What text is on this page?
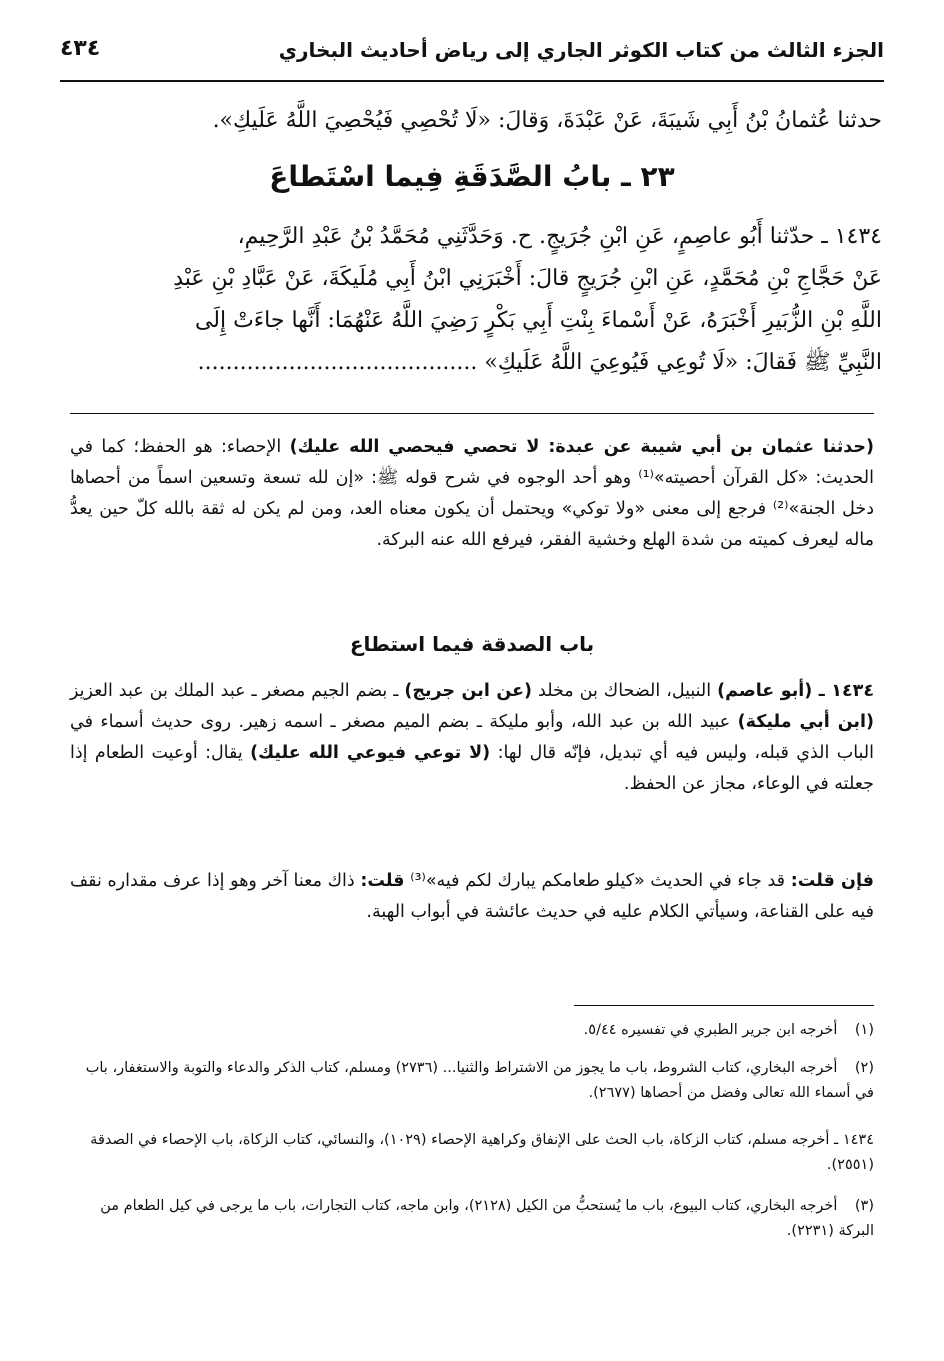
الجزء الثالث من كتاب الكوثر الجاري إلى رياض أحاديث البخاري
٤٣٤
حدثنا عُثمانُ بْنُ أَبِي شَيبَةَ، عَنْ عَبْدَةَ، وَقالَ: «لَا تُحْصِي فَيُحْصِيَ اللَّهُ عَلَيكِ».
٢٣ ـ بابُ الصَّدَقَةِ فِيما اسْتَطاعَ
١٤٣٤ ـ حدّثنا أَبُو عاصِمٍ، عَنِ ابْنِ جُرَيجٍ. ح. وَحَدَّثَنِي مُحَمَّدُ بْنُ عَبْدِ الرَّحِيمِ،
عَنْ حَجَّاجِ بْنِ مُحَمَّدٍ، عَنِ ابْنِ جُرَيجٍ قالَ: أَخْبَرَنِي ابْنُ أَبِي مُلَيكَةَ، عَنْ عَبَّادِ بْنِ عَبْدِ
اللَّهِ بْنِ الزُّبَيرِ أَخْبَرَهُ، عَنْ أَسْماءَ بِنْتِ أَبِي بَكْرٍ رَضِيَ اللَّهُ عَنْهُمَا: أَنَّها جاءَتْ إِلَى
النَّبِيِّ ﷺ فَقالَ: «لَا تُوعِي فَيُوعِيَ اللَّهُ عَلَيكِ» ........................................
(حدثنا عثمان بن أبي شيبة عن عبدة: لا تحصي فيحصي الله عليك) الإحصاء: هو الحفظ؛ كما في الحديث: «كل القرآن أحصيته»⁽¹⁾ وهو أحد الوجوه في شرح قوله ﷺ: «إن لله تسعة وتسعين اسماً من أحصاها دخل الجنة»⁽²⁾ فرجع إلى معنى «ولا توكي» ويحتمل أن يكون معناه العد، ومن لم يكن له ثقة بالله كلّ حين يعدُّ ماله ليعرف كميته من شدة الهلع وخشية الفقر، فيرفع الله عنه البركة.
باب الصدقة فيما استطاع
١٤٣٤ ـ (أبو عاصم) النبيل، الضحاك بن مخلد (عن ابن جريج) ـ بضم الجيم مصغر ـ عبد الملك بن عبد العزيز (ابن أبي مليكة) عبيد الله بن عبد الله، وأبو مليكة ـ بضم الميم مصغر ـ اسمه زهير. روى حديث أسماء في الباب الذي قبله، وليس فيه أي تبديل، فإنّه قال لها: (لا توعي فيوعي الله عليك) يقال: أوعيت الطعام إذا جعلته في الوعاء، مجاز عن الحفظ.
فإن قلت: قد جاء في الحديث «كيلو طعامكم يبارك لكم فيه»⁽³⁾ قلت: ذاك معنا آخر وهو إذا عرف مقداره نقف فيه على القناعة، وسيأتي الكلام عليه في حديث عائشة في أبواب الهبة.
(١) أخرجه ابن جرير الطبري في تفسيره ٥/٤٤.
(٢) أخرجه البخاري، كتاب الشروط، باب ما يجوز من الاشتراط والثنيا... (٢٧٣٦) ومسلم، كتاب الذكر والدعاء والتوبة والاستغفار، باب في أسماء الله تعالى وفضل من أحصاها (٢٦٧٧).
١٤٣٤ ـ أخرجه مسلم، كتاب الزكاة، باب الحث على الإنفاق وكراهية الإحصاء (١٠٢٩)، والنسائي، كتاب الزكاة، باب الإحصاء في الصدقة (٢٥٥١).
(٣) أخرجه البخاري، كتاب البيوع، باب ما يُستحبُّ من الكيل (٢١٢٨)، وابن ماجه، كتاب التجارات، باب ما يرجى في كيل الطعام من البركة (٢٢٣١).
